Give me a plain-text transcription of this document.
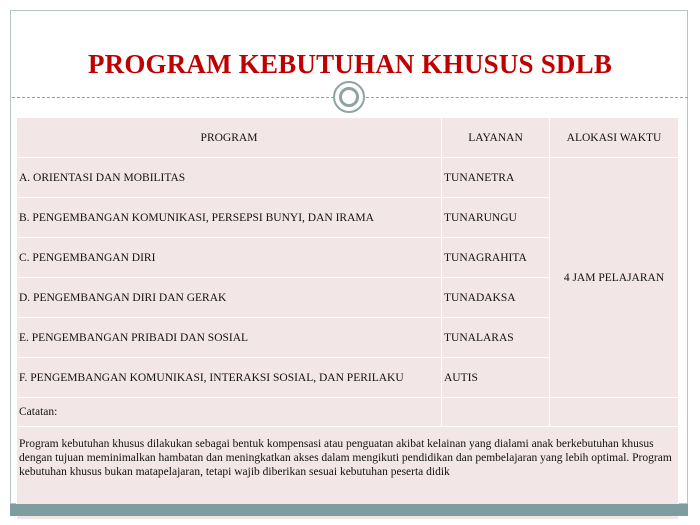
PROGRAM KEBUTUHAN KHUSUS SDLB
PROGRAM	LAYANAN	ALOKASI WAKTU
A. ORIENTASI DAN MOBILITAS	TUNANETRA	4 JAM PELAJARAN
B. PENGEMBANGAN KOMUNIKASI, PERSEPSI BUNYI, DAN IRAMA	TUNARUNGU	
C. PENGEMBANGAN DIRI	TUNAGRAHITA	
D. PENGEMBANGAN DIRI DAN GERAK	TUNADAKSA	
E. PENGEMBANGAN PRIBADI DAN SOSIAL	TUNALARAS	
F. PENGEMBANGAN KOMUNIKASI, INTERAKSI SOSIAL, DAN PERILAKU	AUTIS	
Catatan:		
Program kebutuhan khusus dilakukan sebagai bentuk kompensasi atau penguatan akibat kelainan yang dialami anak berkebutuhan khusus dengan tujuan meminimalkan hambatan dan meningkatkan akses dalam mengikuti pendidikan dan pembelajaran yang lebih optimal. Program kebutuhan khusus bukan matapelajaran, tetapi wajib diberikan sesuai kebutuhan peserta didik		
